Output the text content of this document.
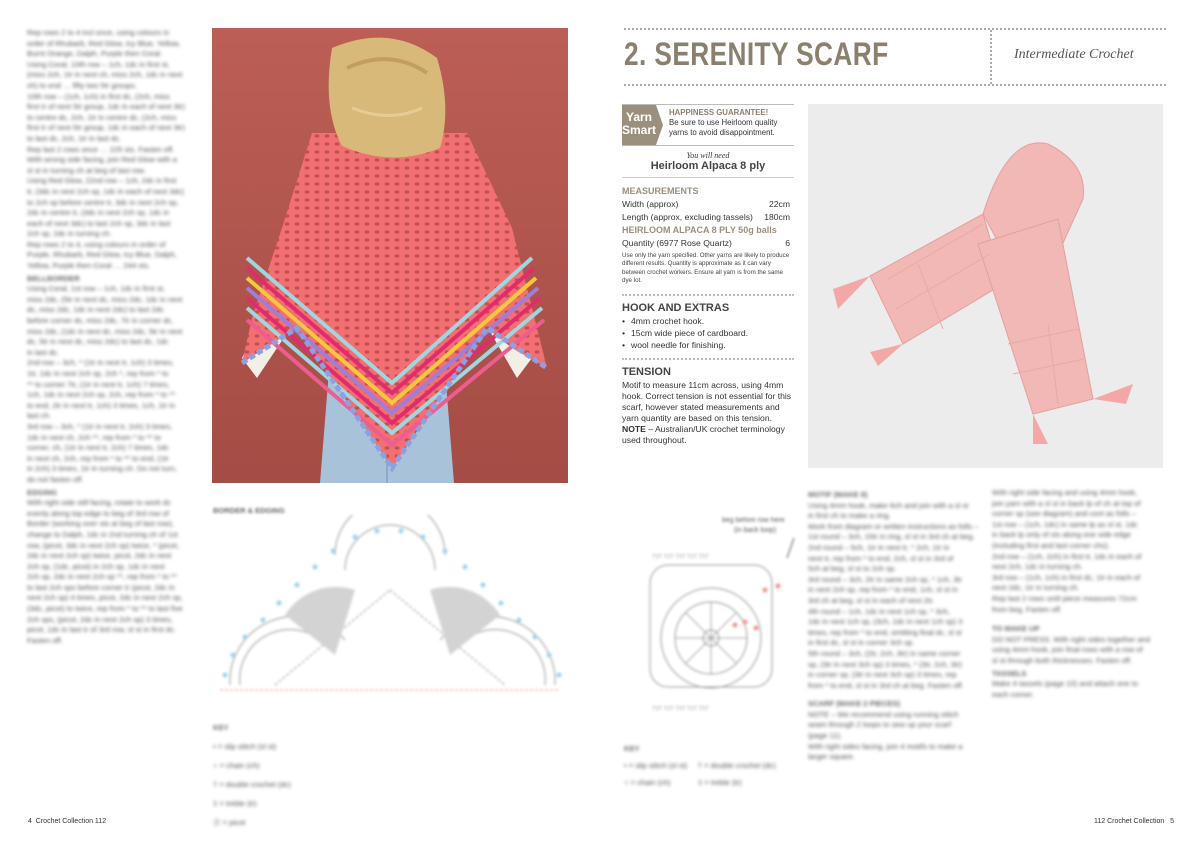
Rep rows 2 to 4 incl once, using colours in
order of Rhubarb, Red Glow, Icy Blue, Yellow,
Burnt Orange, Dalph, Purple then Coral.
Using Coral, 10th row – 1ch, 1dc in first st,
(miss 2ch, 1tr in next ch, miss 2ch, 1dc in next
ch) to end … fifty two 5tr groups.
10th row – (1ch, 1ch) in first dc, (2ch, miss
first tr of next 5tr group, 1dc in each of next 3tr)
to centre dc, 2ch, 1tr in centre dc, (2ch, miss
first tr of next 5tr group, 1dc in each of next 3tr)
to last dc, 2ch, 1tr in last dc.
Rep last 2 rows once … 225 sts. Fasten off.
With wrong side facing, join Red Glow with a
sl st in turning ch at beg of last row.
Using Red Glow, 22nd row – 1ch, 2dc in first
tr, (3dc in next 2ch sp, 1dc in each of next 3dc)
to 2ch sp before centre tr, 3dc in next 2ch sp,
2dc in centre tr, (3dc in next 2ch sp, 1dc in
each of next 3dc) to last 2ch sp, 3dc in last
2ch sp, 2dc in turning ch.
Rep rows 2 to 4, using colours in order of
Purple, Rhubarb, Red Glow, Icy Blue, Dalph,
Yellow, Purple then Coral … 244 sts.
BELLBORDER
Using Coral, 1st row – 1ch, 1dc in first st,
miss 2dc, (5tr in next dc, miss 2dc, 1dc in next
dc, miss 2dc, 1dc in next 2dc) to last 2dc
before corner dc, miss 2dc, 7tr in corner dc,
miss 2dc, (1dc in next dc, miss 2dc, 5tr in next
dc, 5tr in next dc, miss 2dc) to last dc, 1dc
in last dc.
2nd row – 3ch, * (1tr in next tr, 1ch) 3 times,
1tr, 1dc in next 2ch sp, 2ch *, rep from * to
** to corner 7tr, (1tr in next tr, 1ch) 7 times,
1ch, 1dc in next 2ch sp, 2ch, rep from * to **
to end, 2tr in next tr, 1ch) 3 times, 1ch, 1tr in
last ch.
3rd row – 3ch, * (1tr in next tr, 2ch) 3 times,
1dc in next ch, 2ch **, rep from * to ** to
corner, ch, (1tr in next tr, 2ch) 7 times, 1dc
in next ch, 2ch, rep from * to ** to end, (1tr
in 2ch) 3 times, 1tr in turning ch. Do not turn,
do not fasten off.
EDGING
With right side still facing, rotate to work dc
evenly along top edge to beg of 3rd row of
Border (working over sts at beg of last row),
change to Dalph, 1dc in 2nd turning ch of 1st
row, (picot, 3dc in next 2ch sp) twice, * (picot,
2dc in next 2ch sp) twice, picot, 2dc in next
2ch sp, (1dc, picot) in 2ch sp, 1dc in next
2ch sp, 2dc in next 2ch sp **, rep from * to **
to last 2ch sps before corner tr (picot, 2dc in
next 2ch sp) 4 times, picot, 2dc in next 2ch sp,
(3dc, picot) to twice, rep from * to ** to last five
2ch sps, (picot, 2dc in next 2ch sp) 3 times,
picot, 1dc in last tr of 3rd row, sl st in first dc.
Fasten off.
BORDER & EDGING
KEY
• = slip stitch (sl st)
○ = chain (ch)
† = double crochet (dc)
‡ = treble (tr)
ⓟ = picot
4 Crochet Collection 112
2. SERENITY SCARF	Intermediate Crochet
Yarn
Smart
HAPPINESS GUARANTEE!
Be sure to use Heirloom quality yarns to avoid disappointment.
You will need
Heirloom Alpaca 8 ply
MEASUREMENTS
Width (approx)	22cm
Length (approx, excluding tassels) 180cm
HEIRLOOM ALPACA 8 PLY 50g balls
Quantity (6977 Rose Quartz)	6
Use only the yarn specified. Other yarns are likely to produce different results. Quantity is approximate as it can vary between crochet workers. Ensure all yarn is from the same dye lot.
HOOK AND EXTRAS
• 4mm crochet hook.
• 15cm wide piece of cardboard.
• wool needle for finishing.
TENSION

Motif to measure 11cm across, using 4mm hook. Correct tension is not essential for this scarf, however stated measurements and yarn quantity are based on this tension.

NOTE – Australian/UK crochet terminology used throughout.

beg before row here
(in back loop)
†‡† †‡† †‡† †‡† †‡†
†‡† †‡† †‡† †‡† †‡†
KEY
• = slip stitch (sl st)     † = double crochet (dc)
○ = chain (ch)             ‡ = treble (tr)
MOTIF (MAKE 8)
Using 4mm hook, make 6ch and join with a sl st
in first ch to make a ring.
Work from diagram or written instructions as folls –
1st round – 3ch, 15tr in ring, sl st in 3rd ch at beg.
2nd round – 5ch, 1tr in next tr, * 2ch, 1tr in
next tr, rep from * to end, 2ch, sl st in 3rd of
5ch at beg, sl st to 2ch sp.
3rd round – 3ch, 2tr in same 2ch sp, * 1ch, 3tr
in next 2ch sp, rep from * to end, 1ch, sl st in
3rd ch at beg, sl st in each of next 2tr.
4th round – 1ch, 1dc in next 1ch sp, * 3ch,
1dc in next 1ch sp, (3ch, 1dc in next 1ch sp) 3
times, rep from * to end, omitting final dc, sl st
in first dc, sl st in corner 3ch sp.
5th round – 3ch, (2tr, 2ch, 3tr) in same corner
sp, (3tr in next 3ch sp) 3 times, * (3tr, 2ch, 3tr)
in corner sp, (3tr in next 3ch sp) 3 times, rep
from * to end, sl st in 3rd ch at beg. Fasten off.
SCARF (MAKE 2 PIECES)
NOTE – We recommend using running stitch
seam through 2 loops to sew up your scarf
(page 11).
With right sides facing, join 4 motifs to make a
larger square.
With right side facing and using 4mm hook,
join yarn with a sl st in back lp of ch at top of
corner sp (see diagram) and cont as folls –
1st row – (1ch, 1dc) in same lp as sl st, 1dc
in back lp only of sts along one side edge
(including first and last corner chs).
2nd row – (1ch, 2ch) in first tr, 1dc in each of
next 2ch, 1dc in turning ch.
3rd row – (1ch, 1ch) in first dc, 1tr in each of
next 2dc, 1tr in turning ch.
Rep last 2 rows until piece measures 72cm
from beg. Fasten off.
TO MAKE UP
DO NOT PRESS. With right sides together and
using 4mm hook, join final rows with a row of
sl st through both thicknesses. Fasten off.
TASSELS
Make 4 tassels (page 10) and attach one to
each corner.
112 Crochet Collection 5
